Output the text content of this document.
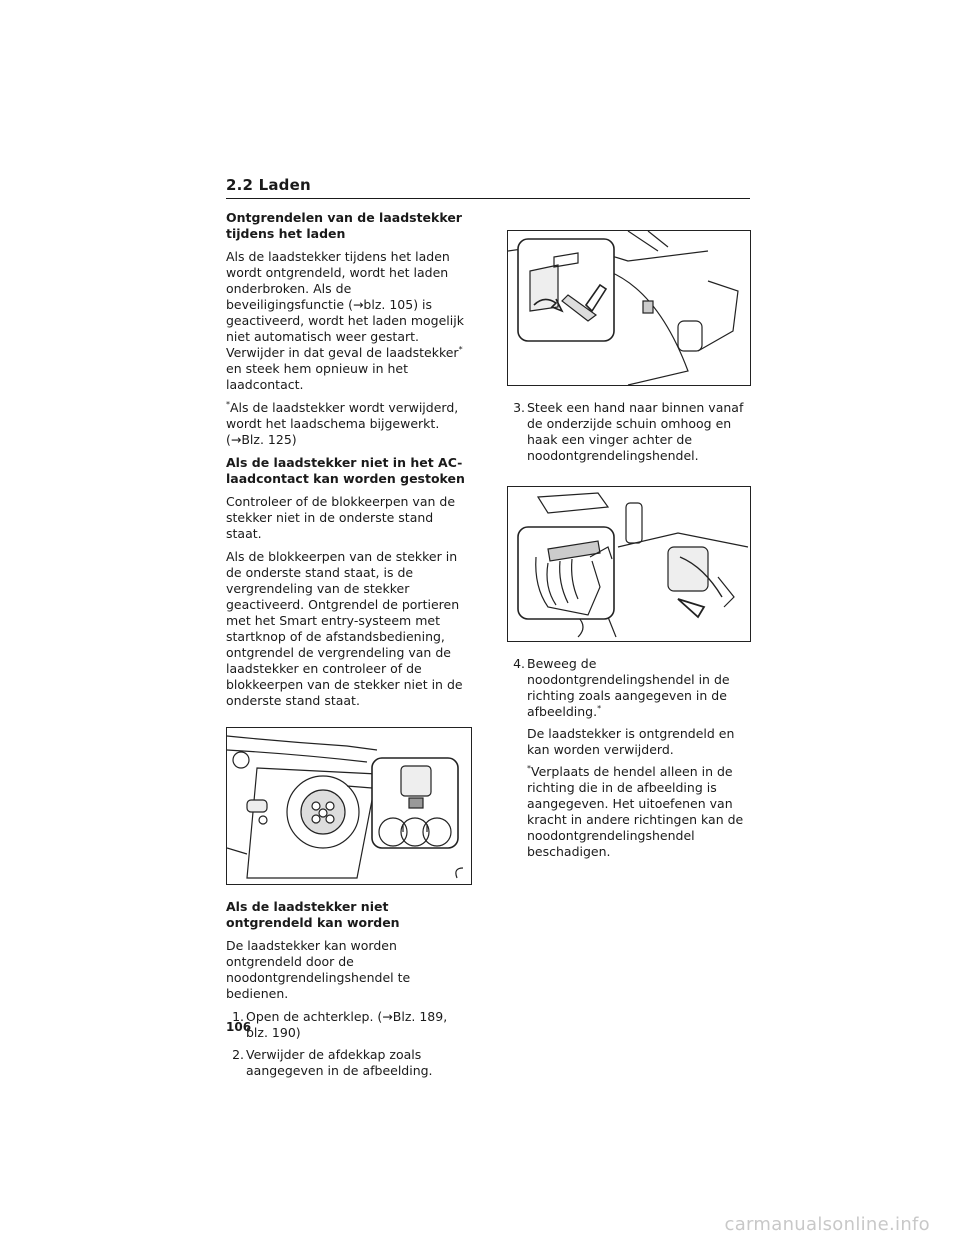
2.2 Laden
Ontgrendelen van de laadstekker tijdens het laden
Als de laadstekker tijdens het laden wordt ontgrendeld, wordt het laden onderbroken. Als de beveiligingsfunctie (→blz. 105) is geactiveerd, wordt het laden mogelijk niet automatisch weer gestart. Verwijder in dat geval de laadstekker* en steek hem opnieuw in het laadcontact.
*Als de laadstekker wordt verwijderd, wordt het laadschema bijgewerkt. (→Blz. 125)
Als de laadstekker niet in het AC-laadcontact kan worden gestoken
Controleer of de blokkeerpen van de stekker niet in de onderste stand staat.
Als de blokkeerpen van de stekker in de onderste stand staat, is de vergrendeling van de stekker geactiveerd. Ontgrendel de portieren met het Smart entry-systeem met startknop of de afstandsbediening, ontgrendel de vergrendeling van de laadstekker en controleer of de blokkeerpen van de stekker niet in de onderste stand staat.
Als de laadstekker niet ontgrendeld kan worden
De laadstekker kan worden ontgrendeld door de noodontgrendelingshendel te bedienen.
1. Open de achterklep. (→Blz. 189, blz. 190)
2. Verwijder de afdekkap zoals aangegeven in de afbeelding.
3. Steek een hand naar binnen vanaf de onderzijde schuin omhoog en haak een vinger achter de noodontgrendelingshendel.
4. Beweeg de noodontgrendelingshendel in de richting zoals aangegeven in de afbeelding.*
De laadstekker is ontgrendeld en kan worden verwijderd.
*Verplaats de hendel alleen in de richting die in de afbeelding is aangegeven. Het uitoefenen van kracht in andere richtingen kan de noodontgrendelingshendel beschadigen.
106
carmanualsonline.info
